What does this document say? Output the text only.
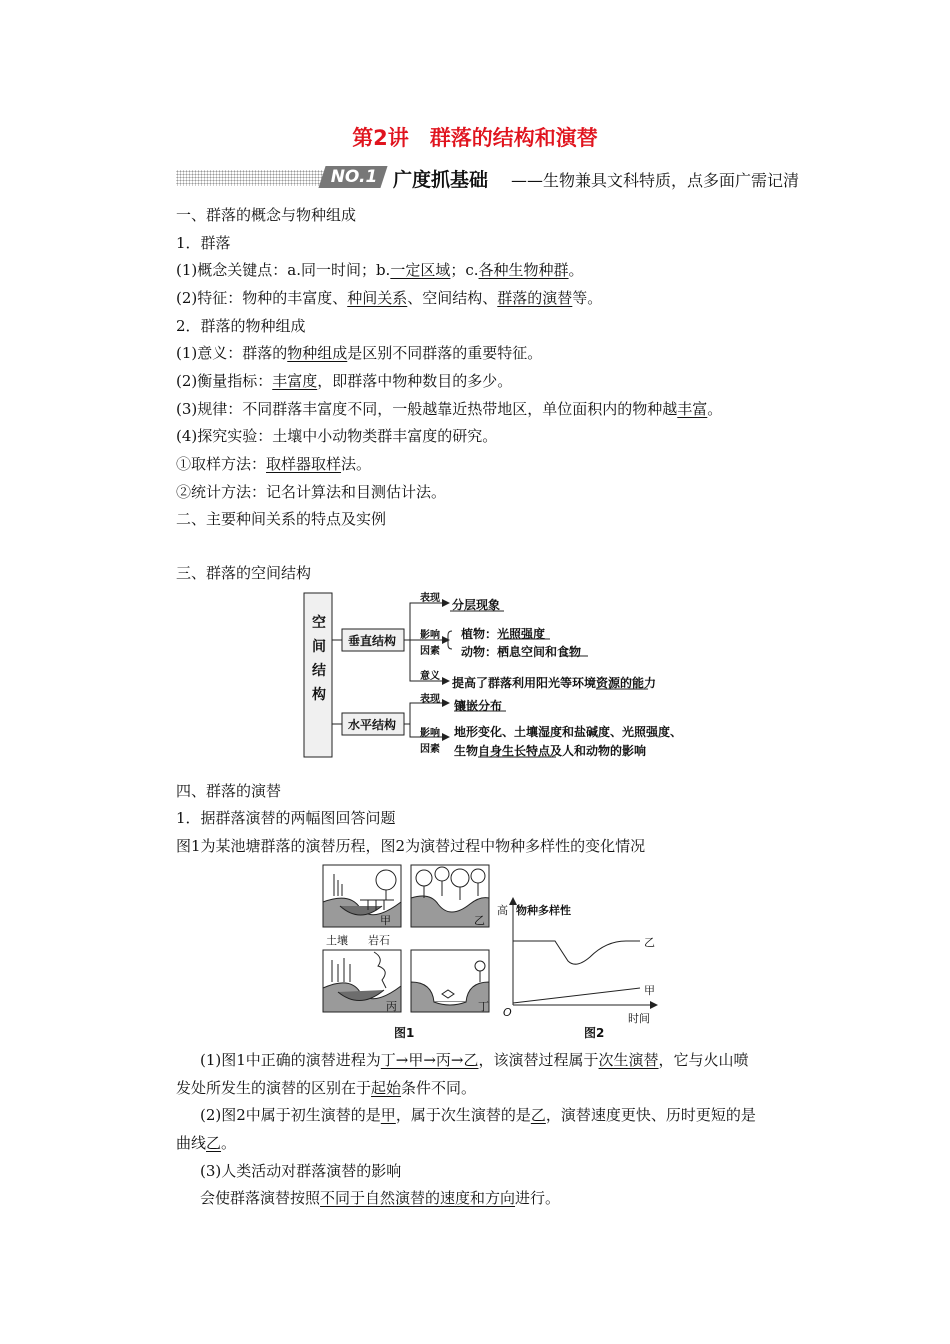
第2讲　群落的结构和演替
NO.1 广度抓基础 ——生物兼具文科特质，点多面广需记清
一、群落的概念与物种组成
1．群落
(1)概念关键点：a.同一时间；b.一定区域；c.各种生物种群。
(2)特征：物种的丰富度、种间关系、空间结构、群落的演替等。
2．群落的物种组成
(1)意义：群落的物种组成是区别不同群落的重要特征。
(2)衡量指标：丰富度，即群落中物种数目的多少。
(3)规律：不同群落丰富度不同，一般越靠近热带地区，单位面积内的物种越丰富。
(4)探究实验：土壤中小动物类群丰富度的研究。
①取样方法：取样器取样法。
②统计方法：记名计算法和目测估计法。
二、主要种间关系的特点及实例
三、群落的空间结构
空
间
结
构
垂直结构
水平结构
表现
影响
因素
意义
表现
影响
因素
分层现象
植物：光照强度
动物：栖息空间和食物
提高了群落利用阳光等环境资源的能力
镶嵌分布
地形变化、土壤湿度和盐碱度、光照强度、
生物自身生长特点及人和动物的影响
四、群落的演替
1．据群落演替的两幅图回答问题
图1为某池塘群落的演替历程，图2为演替过程中物种多样性的变化情况
甲	乙
丙	丁
土壤 岩石
图1
高 物种多样性
乙
甲
O	时间
图2
(1)图1中正确的演替进程为丁→甲→丙→乙，该演替过程属于次生演替，它与火山喷
发处所发生的演替的区别在于起始条件不同。
(2)图2中属于初生演替的是甲，属于次生演替的是乙，演替速度更快、历时更短的是
曲线乙。
(3)人类活动对群落演替的影响
会使群落演替按照不同于自然演替的速度和方向进行。
